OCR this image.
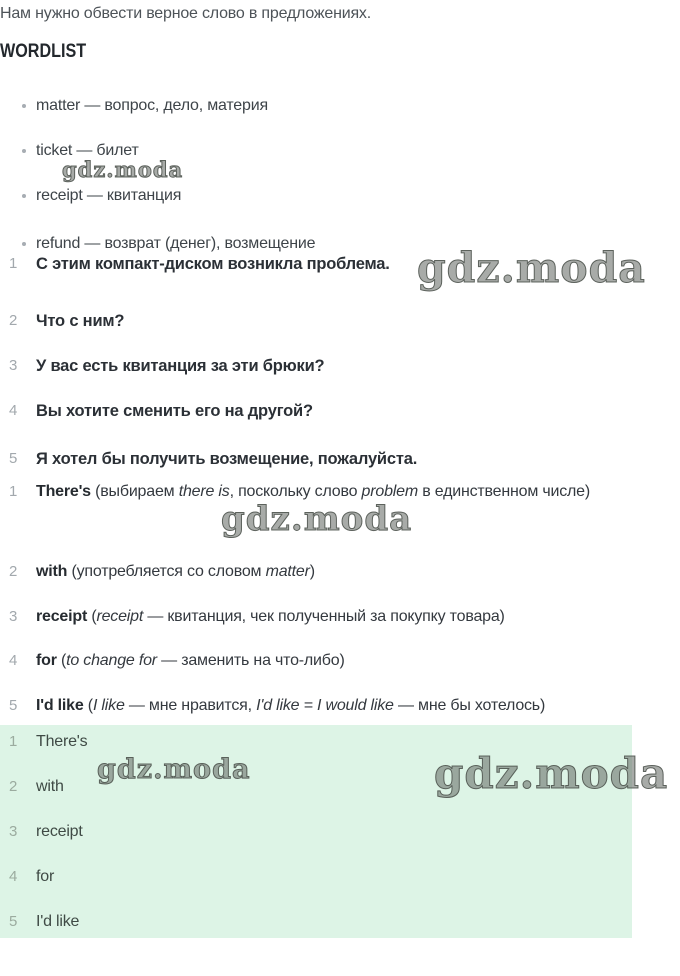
Нам нужно обвести верное слово в предложениях.
WORDLIST
matter — вопрос, дело, материя
ticket — билет
receipt — квитанция
refund — возврат (денег), возмещение
1 С этим компакт-диском возникла проблема.
2 Что с ним?
3 У вас есть квитанция за эти брюки?
4 Вы хотите сменить его на другой?
5 Я хотел бы получить возмещение, пожалуйста.
1 There's (выбираем there is, поскольку слово problem в единственном числе)
2 with (употребляется со словом matter)
3 receipt (receipt — квитанция, чек полученный за покупку товара)
4 for (to change for — заменить на что-либо)
5 I'd like (I like — мне нравится, I'd like = I would like — мне бы хотелось)
1 There's
2 with
3 receipt
4 for
5 I'd like
gdz.moda
gdz.moda
gdz.moda
gdz.moda	gdz.moda
